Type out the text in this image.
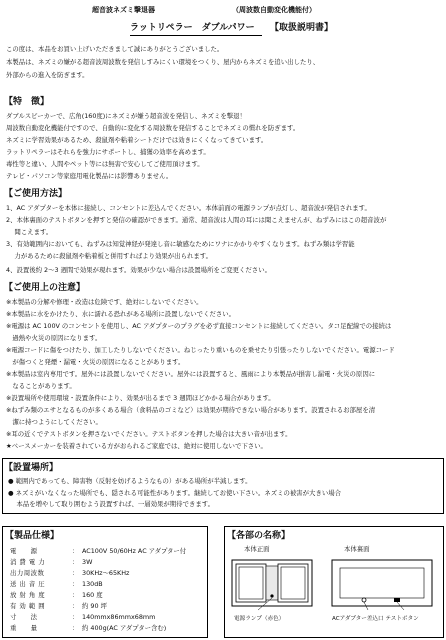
超音波ネズミ撃退器	（周波数自動変化機能付）
ラットリペラー　ダブルパワー 【取扱説明書】
この度は、本品をお買い上げいただきまして誠にありがとうございました。
本製品は、ネズミの嫌がる超音波周波数を発信しすみにくい環境をつくり、屋内からネズミを追い出したり、
外部からの進入を防ぎます。
【特　徴】
ダブルスピーカーで、広角(160度)にネズミが嫌う超音波を発信し、ネズミを撃退！
周波数自動変化機能付ですので、自動的に変化する周波数を発信することでネズミの慣れを防ぎます。
ネズミに学習効果があるため、殺鼠剤や粘着シートだけでは効きにくくなってきています。
ラットリペラーはそれらを強力にサポートし、捕獲の効率を高めます。
毒性等と違い、人間やペット等には無害で安心してご使用頂けます。
テレビ・パソコン等家庭用電化製品には影響ありません。
【ご使用方法】
1、AC アダプターを本体に接続し、コンセントに差込んでください。本体前面の電源ランプが点灯し、超音波が発信されます。
2、本体裏面のテストボタンを押すと発信の確認ができます。通常、超音波は人間の耳には聞こえませんが、ねずみにはこの超音波が
　 聞こえます。
3、有効範囲内においても、ねずみは知覚神経が発達し音に敏感なためにワナにかかりやすくなります。ねずみ類は学習能
　 力があるために殺鼠剤や粘着板と併用すればより効果が出られます。
4、設置後約 2〜3 週間で効果が現れます。効果が少ない場合は設置場所をご変更ください。
【ご使用上の注意】
※本製品の分解や修理・改造は危険です、絶対にしないでください。
※本製品に水をかけたり、水に濡れる恐れがある場所に設置しないでください。
※電源は AC 100V のコンセントを使用し、AC アダプターのプラグを必ず直接コンセントに接続してください。タコ足配線での接続は
　過熱や火災の原因になります。
※電源コードに傷をつけたり、加工したりしないでください。ねじったり重いものを乗せたり引張ったりしないでください。電源コード
　が傷つくと発煙・漏電・火災の原因になることがあります。
※本製品は室内専用です。屋外には設置しないでください。屋外には設置すると、風雨により本製品が損害し漏電・火災の原因に
　なることがあります。
※設置場所や使用環境・設置条件により、効果が出るまで 3 週間ほどかかる場合があります。
※ねずみ類のエサとなるものが多くある場合（食料品のゴミなど）は効果が期待できない場合があります。設置されるお部屋を清
　潔に持つようにしてください。
※耳の近くでテストボタンを押さないでください。テストボタンを押した場合は大きい音が出ます。
★ベースメーカーを装着されている方がおられるご家庭では、絶対に使用しないで下さい。
【設置場所】
● 範囲内であっても、障害物（反射を妨げるようなもの）がある場所が半減します。
● ネズミがいなくなった場所でも、隠される可能性があります。継続してお使い下さい。ネズミの被害が大きい場合
　 本品を増やして取り囲むよう設置すれば、一層効果が期待できます。
【製品仕様】
電　　源	： AC100V 50/60Hz AC アダプター付
消 費 電 力	： 3W
出力周波数	： 30KHz〜65KHz
送 出 音 圧	： 130dB
放 射 角 度	： 160 度
有 効 範 囲	： 約 90 坪
寸　　法	： 140mmx86mmx68mm
重　　量	： 約 400g(AC アダプター含む)
【各部の名称】
本体正面	本体裏面
電源ランプ（赤色）	ACアダプター差込口 テストボタン
